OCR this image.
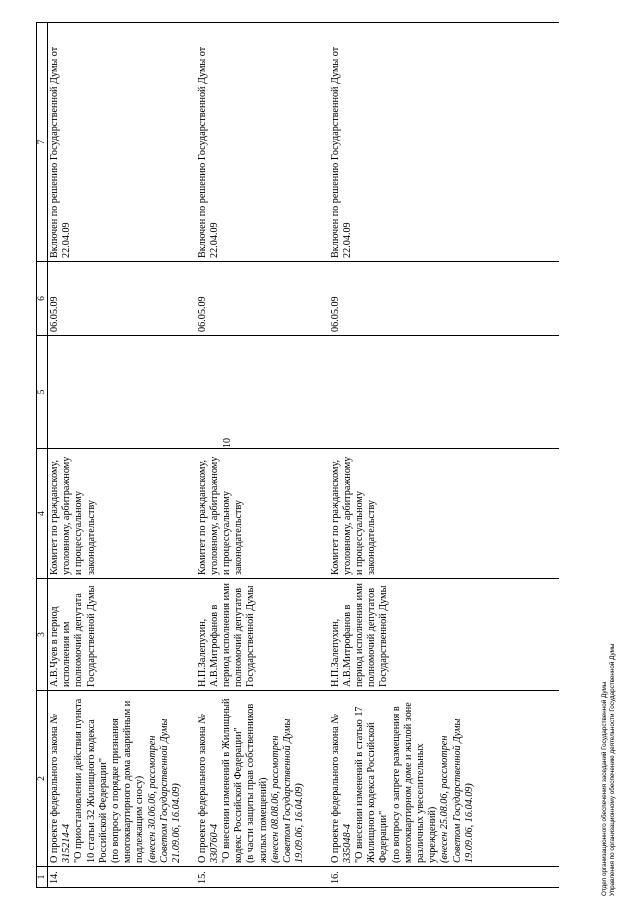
10
1	2	3	4	5	6	7
14.	О проекте федерального закона № 315214-4 "О приостановлении действия пункта 10 статьи 32 Жилищного кодекса Российской Федерации" (по вопросу о порядке признания многоквартирного дома аварийным и подлежащим сносу) (внесен 30.06.06, рассмотрен Советом Государственной Думы 21.09.06, 16.04.09)	А.В.Чуев в период исполнения им полномочий депутата Государственной Думы	Комитет по гражданскому, уголовному, арбитражному и процессуальному законодательству		06.05.09	Включен по решению Государственной Думы от 22.04.09
15.	О проекте федерального закона № 330760-4 "О внесении изменений в Жилищный кодекс Российской Федерации" (в части защиты прав собственников жилых помещений) (внесен 08.08.06, рассмотрен Советом Государственной Думы 19.09.06, 16.04.09)	Н.П.Залепухин, А.В.Митрофанов в период исполнения ими полномочий депутатов Государственной Думы	Комитет по гражданскому, уголовному, арбитражному и процессуальному законодательству		06.05.09	Включен по решению Государственной Думы от 22.04.09
16.	О проекте федерального закона № 335048-4 "О внесении изменений в статью 17 Жилищного кодекса Российской Федерации" (по вопросу о запрете размещения в многоквартирном доме и жилой зоне различных увеселительных учреждений) (внесен 25.08.06, рассмотрен Советом Государственной Думы 19.09.06, 16.04.09)	Н.П.Залепухин, А.В.Митрофанов в период исполнения ими полномочий депутатов Государственной Думы	Комитет по гражданскому, уголовному, арбитражному и процессуальному законодательству		06.05.09	Включен по решению Государственной Думы от 22.04.09
Отдел организационного обеспечения заседаний Государственной Думы Управления по организационному обеспечению деятельности Государственной Думы
